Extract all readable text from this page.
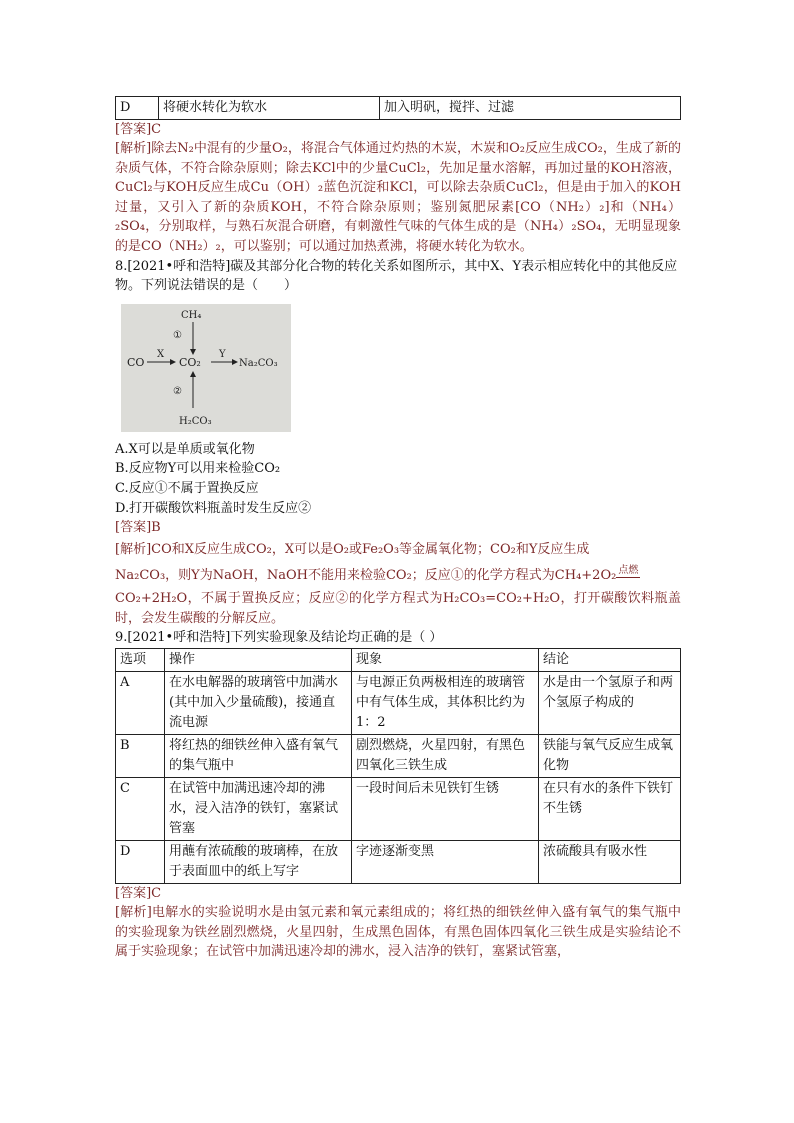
D	将硬水转化为软水	加入明矾，搅拌、过滤

[答案]C

[解析]除去N₂中混有的少量O₂，将混合气体通过灼热的木炭，木炭和O₂反应生成CO₂，生成了新的杂质气体，不符合除杂原则；除去KCl中的少量CuCl₂，先加足量水溶解，再加过量的KOH溶液，CuCl₂与KOH反应生成Cu（OH）₂蓝色沉淀和KCl，可以除去杂质CuCl₂，但是由于加入的KOH过量，又引入了新的杂质KOH，不符合除杂原则；鉴别氮肥尿素[CO（NH₂）₂]和（NH₄）₂SO₄，分别取样，与熟石灰混合研磨，有刺激性气味的气体生成的是（NH₄）₂SO₄，无明显现象的是CO（NH₂）₂，可以鉴别；可以通过加热煮沸，将硬水转化为软水。

8.[2021•呼和浩特]碳及其部分化合物的转化关系如图所示，其中X、Y表示相应转化中的其他反应物。下列说法错误的是（　　）

CH₄
①
CO
X
CO₂
Y
Na₂CO₃
②
H₂CO₃

A.X可以是单质或氧化物

B.反应物Y可以用来检验CO₂

C.反应①不属于置换反应

D.打开碳酸饮料瓶盖时发生反应②

[答案]B

[解析]CO和X反应生成CO₂，X可以是O₂或Fe₂O₃等金属氧化物；CO₂和Y反应生成

Na₂CO₃，则Y为NaOH，NaOH不能用来检验CO₂；反应①的化学方程式为CH₄+2O₂ 点燃

CO₂+2H₂O，不属于置换反应；反应②的化学方程式为H₂CO₃=CO₂+H₂O，打开碳酸饮料瓶盖时，会发生碳酸的分解反应。

9.[2021•呼和浩特]下列实验现象及结论均正确的是（ ）

选项	操作	现象	结论
A	在水电解器的玻璃管中加满水(其中加入少量硫酸)，接通直流电源	与电源正负两极相连的玻璃管中有气体生成，其体积比约为1：2	水是由一个氢原子和两个氢原子构成的
B	将红热的细铁丝伸入盛有氧气的集气瓶中	剧烈燃烧，火星四射，有黑色四氧化三铁生成	铁能与氧气反应生成氧化物
C	在试管中加满迅速冷却的沸水，浸入洁净的铁钉，塞紧试管塞	一段时间后未见铁钉生锈	在只有水的条件下铁钉不生锈
D	用蘸有浓硫酸的玻璃棒，在放于表面皿中的纸上写字	字迹逐渐变黑	浓硫酸具有吸水性

[答案]C

[解析]电解水的实验说明水是由氢元素和氧元素组成的；将红热的细铁丝伸入盛有氧气的集气瓶中的实验现象为铁丝剧烈燃烧，火星四射，生成黑色固体，有黑色固体四氧化三铁生成是实验结论不属于实验现象；在试管中加满迅速冷却的沸水，浸入洁净的铁钉，塞紧试管塞，
